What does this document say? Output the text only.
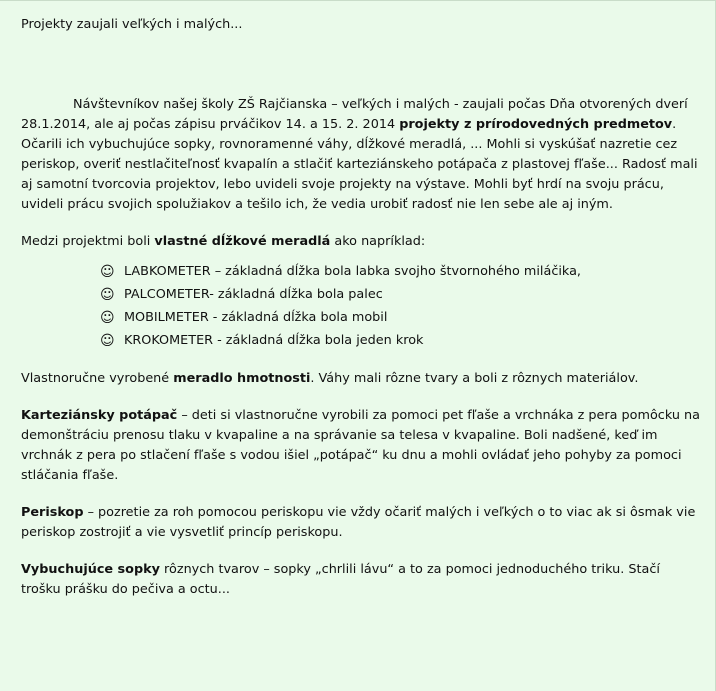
Projekty zaujali veľkých i malých...

Návštevníkov našej školy ZŠ Rajčianska – veľkých i malých - zaujali počas Dňa otvorených dverí 28.1.2014, ale aj počas zápisu prváčikov 14. a 15. 2. 2014 projekty z prírodovedných predmetov. Očarili ich vybuchujúce sopky, rovnoramenné váhy, dĺžkové meradlá, ... Mohli si vyskúšať nazretie cez periskop, overiť nestlačiteľnosť kvapalín a stlačiť karteziánskeho potápača z plastovej fľaše... Radosť mali aj samotní tvorcovia projektov, lebo uvideli svoje projekty na výstave. Mohli byť hrdí na svoju prácu, uvideli prácu svojich spolužiakov a tešilo ich, že vedia urobiť radosť nie len sebe ale aj iným.

Medzi projektmi boli vlastné dĺžkové meradlá ako napríklad:

☺ LABKOMETER – základná dĺžka bola labka svojho štvornohého miláčika,
☺ PALCOMETER- základná dĺžka bola palec
☺ MOBILMETER - základná dĺžka bola mobil
☺ KROKOMETER - základná dĺžka bola jeden krok

Vlastnoručne vyrobené meradlo hmotnosti. Váhy mali rôzne tvary a boli z rôznych materiálov.

Karteziánsky potápač – deti si vlastnoručne vyrobili za pomoci pet fľaše a vrchnáka z pera pomôcku na demonštráciu prenosu tlaku v kvapaline a na správanie sa telesa v kvapaline. Boli nadšené, keď im vrchnák z pera po stlačení fľaše s vodou išiel „potápač“ ku dnu a mohli ovládať jeho pohyby za pomoci stláčania fľaše.

Periskop – pozretie za roh pomocou periskopu vie vždy očariť malých i veľkých o to viac ak si ôsmak vie periskop zostrojiť a vie vysvetliť princíp periskopu.

Vybuchujúce sopky rôznych tvarov – sopky „chrlili lávu“ a to za pomoci jednoduchého triku. Stačí trošku prášku do pečiva a octu...
